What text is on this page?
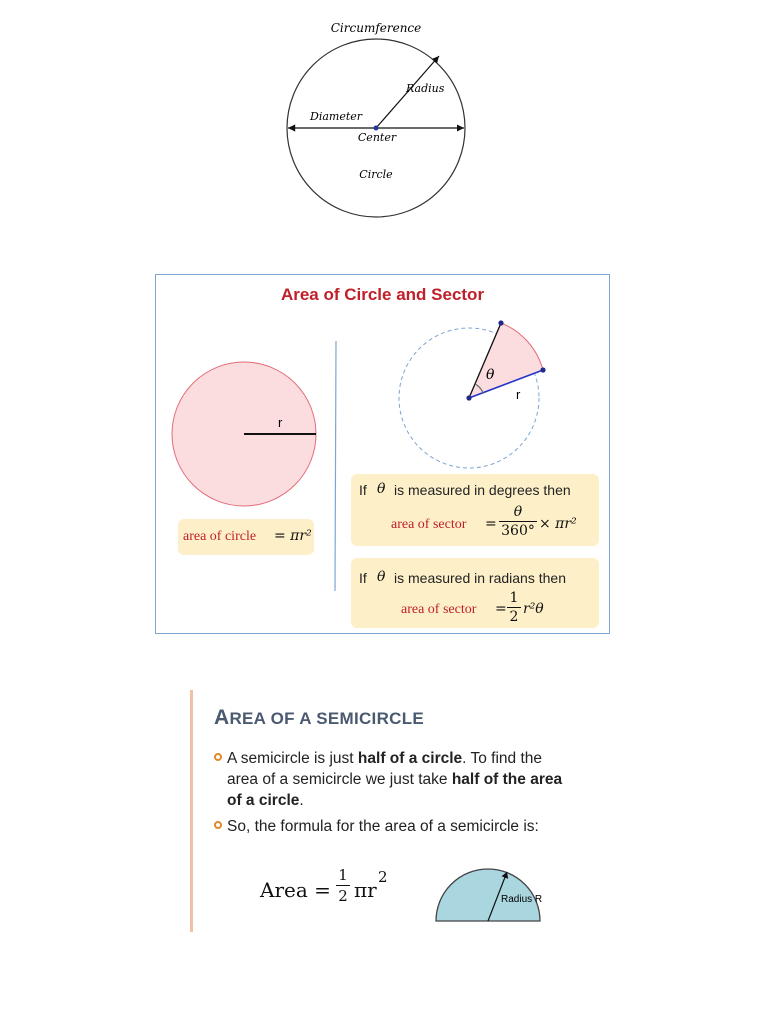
Circumference
Radius
Diameter
Center
Circle
Area of Circle and Sector
r
θ
r
area of circle = πr²
If θ is measured in degrees then
area of sector =
θ
360° × πr²
If θ is measured in radians then
area of sector =
1
2 r²θ
AREA OF A SEMICIRCLE
A semicircle is just half of a circle. To find the area of a semicircle we just take half of the area of a circle.
So, the formula for the area of a semicircle is:
Area =
1
2 πr
2
Radius R
